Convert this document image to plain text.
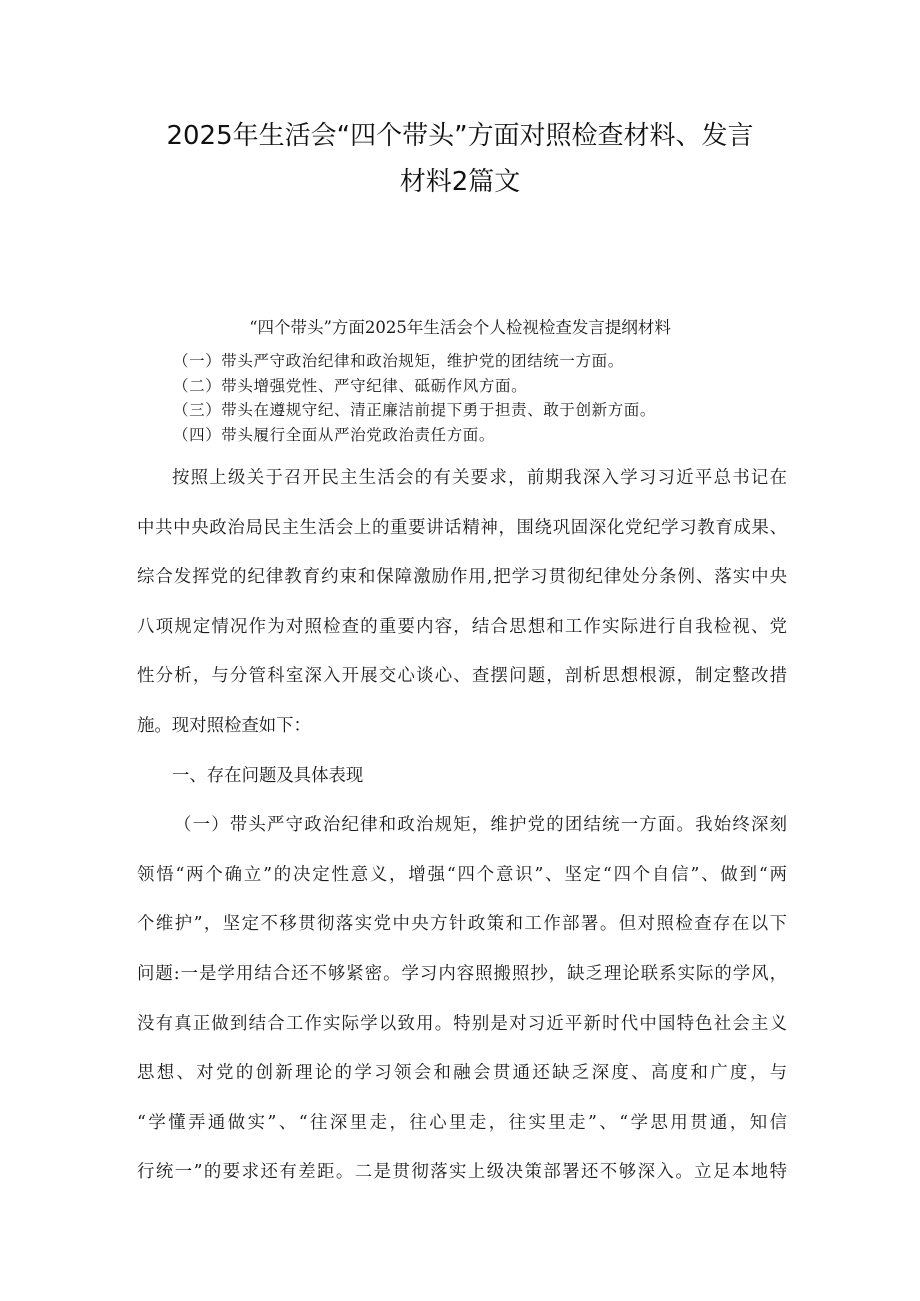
2025年生活会“四个带头”方面对照检查材料、发言
材料2篇文
“四个带头”方面2025年生活会个人检视检查发言提纲材料
（一）带头严守政治纪律和政治规矩，维护党的团结统一方面。
（二）带头增强党性、严守纪律、砥砺作风方面。
（三）带头在遵规守纪、清正廉洁前提下勇于担责、敢于创新方面。
（四）带头履行全面从严治党政治责任方面。
按照上级关于召开民主生活会的有关要求，前期我深入学习习近平总书记在
中共中央政治局民主生活会上的重要讲话精神，围绕巩固深化党纪学习教育成果、
综合发挥党的纪律教育约束和保障激励作用,把学习贯彻纪律处分条例、落实中央
八项规定情况作为对照检查的重要内容，结合思想和工作实际进行自我检视、党
性分析，与分管科室深入开展交心谈心、查摆问题，剖析思想根源，制定整改措
施。现对照检查如下：
一、存在问题及具体表现
（一）带头严守政治纪律和政治规矩，维护党的团结统一方面。我始终深刻
领悟“两个确立”的决定性意义，增强“四个意识”、坚定“四个自信”、做到“两
个维护”，坚定不移贯彻落实党中央方针政策和工作部署。但对照检查存在以下
问题:一是学用结合还不够紧密。学习内容照搬照抄，缺乏理论联系实际的学风，
没有真正做到结合工作实际学以致用。特别是对习近平新时代中国特色社会主义
思想、对党的创新理论的学习领会和融会贯通还缺乏深度、高度和广度，与
“学懂弄通做实”、“往深里走，往心里走，往实里走”、“学思用贯通，知信
行统一”的要求还有差距。二是贯彻落实上级决策部署还不够深入。立足本地特
